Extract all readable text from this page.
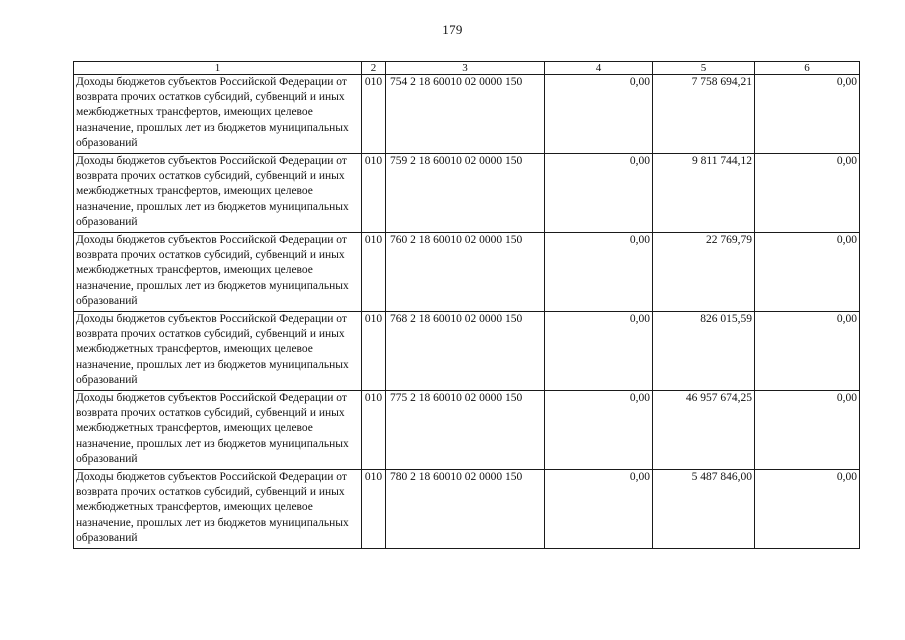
179
1	2	3	4	5	6
Доходы бюджетов субъектов Российской Федерации от возврата прочих остатков субсидий, субвенций и иных межбюджетных трансфертов, имеющих целевое назначение, прошлых лет из бюджетов муниципальных образований	010	754 2 18 60010 02 0000 150	0,00	7 758 694,21	0,00
Доходы бюджетов субъектов Российской Федерации от возврата прочих остатков субсидий, субвенций и иных межбюджетных трансфертов, имеющих целевое назначение, прошлых лет из бюджетов муниципальных образований	010	759 2 18 60010 02 0000 150	0,00	9 811 744,12	0,00
Доходы бюджетов субъектов Российской Федерации от возврата прочих остатков субсидий, субвенций и иных межбюджетных трансфертов, имеющих целевое назначение, прошлых лет из бюджетов муниципальных образований	010	760 2 18 60010 02 0000 150	0,00	22 769,79	0,00
Доходы бюджетов субъектов Российской Федерации от возврата прочих остатков субсидий, субвенций и иных межбюджетных трансфертов, имеющих целевое назначение, прошлых лет из бюджетов муниципальных образований	010	768 2 18 60010 02 0000 150	0,00	826 015,59	0,00
Доходы бюджетов субъектов Российской Федерации от возврата прочих остатков субсидий, субвенций и иных межбюджетных трансфертов, имеющих целевое назначение, прошлых лет из бюджетов муниципальных образований	010	775 2 18 60010 02 0000 150	0,00	46 957 674,25	0,00
Доходы бюджетов субъектов Российской Федерации от возврата прочих остатков субсидий, субвенций и иных межбюджетных трансфертов, имеющих целевое назначение, прошлых лет из бюджетов муниципальных образований	010	780 2 18 60010 02 0000 150	0,00	5 487 846,00	0,00
